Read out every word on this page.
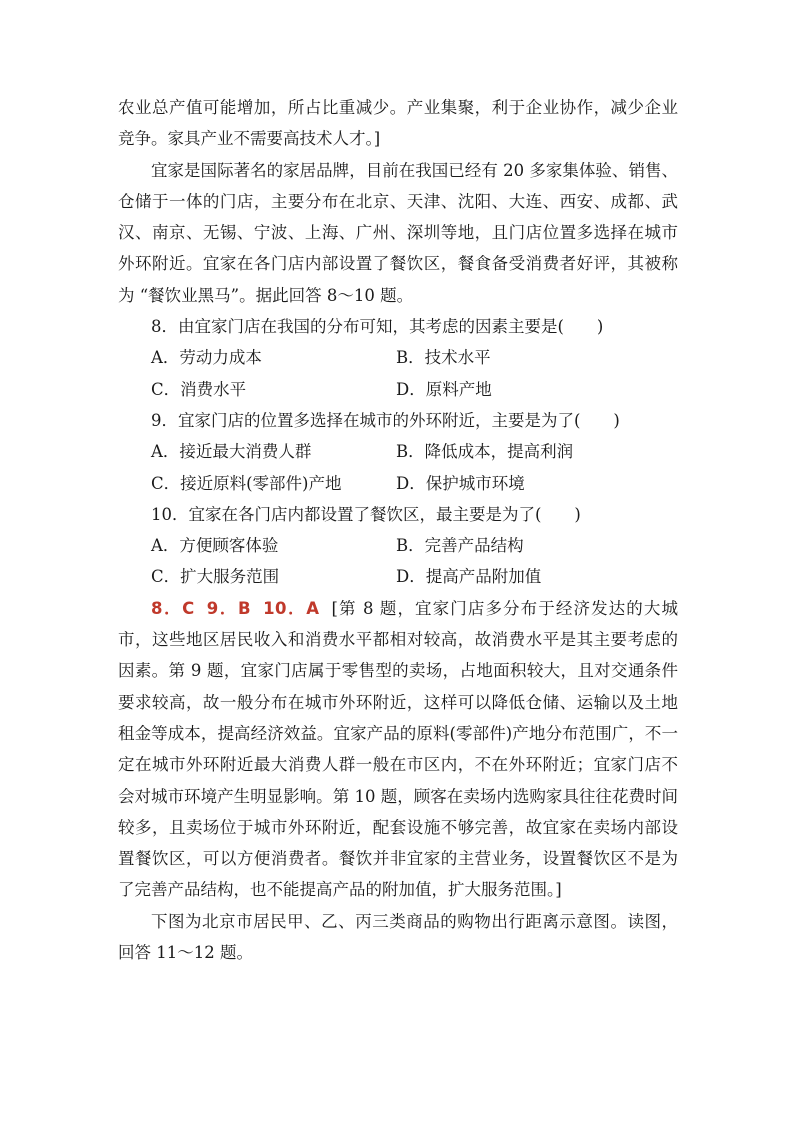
农业总产值可能增加，所占比重减少。产业集聚，利于企业协作，减少企业竞争。家具产业不需要高技术人才。]

宜家是国际著名的家居品牌，目前在我国已经有 20 多家集体验、销售、仓储于一体的门店，主要分布在北京、天津、沈阳、大连、西安、成都、武汉、南京、无锡、宁波、上海、广州、深圳等地，且门店位置多选择在城市外环附近。宜家在各门店内部设置了餐饮区，餐食备受消费者好评，其被称为 “餐饮业黑马”。据此回答 8～10 题。

8．由宜家门店在我国的分布可知，其考虑的因素主要是(　　)

A．劳动力成本	B．技术水平
C．消费水平	D．原料产地

9．宜家门店的位置多选择在城市的外环附近，主要是为了(　　)

A．接近最大消费人群	B．降低成本，提高利润
C．接近原料(零部件)产地	D．保护城市环境

10．宜家在各门店内都设置了餐饮区，最主要是为了(　　)

A．方便顾客体验	B．完善产品结构
C．扩大服务范围	D．提高产品附加值

8．C 9．B 10．A [第 8 题，宜家门店多分布于经济发达的大城市，这些地区居民收入和消费水平都相对较高，故消费水平是其主要考虑的因素。第 9 题，宜家门店属于零售型的卖场，占地面积较大，且对交通条件要求较高，故一般分布在城市外环附近，这样可以降低仓储、运输以及土地租金等成本，提高经济效益。宜家产品的原料(零部件)产地分布范围广，不一定在城市外环附近最大消费人群一般在市区内，不在外环附近；宜家门店不会对城市环境产生明显影响。第 10 题，顾客在卖场内选购家具往往花费时间较多，且卖场位于城市外环附近，配套设施不够完善，故宜家在卖场内部设置餐饮区，可以方便消费者。餐饮并非宜家的主营业务，设置餐饮区不是为了完善产品结构，也不能提高产品的附加值，扩大服务范围。]

下图为北京市居民甲、乙、丙三类商品的购物出行距离示意图。读图，回答 11～12 题。
